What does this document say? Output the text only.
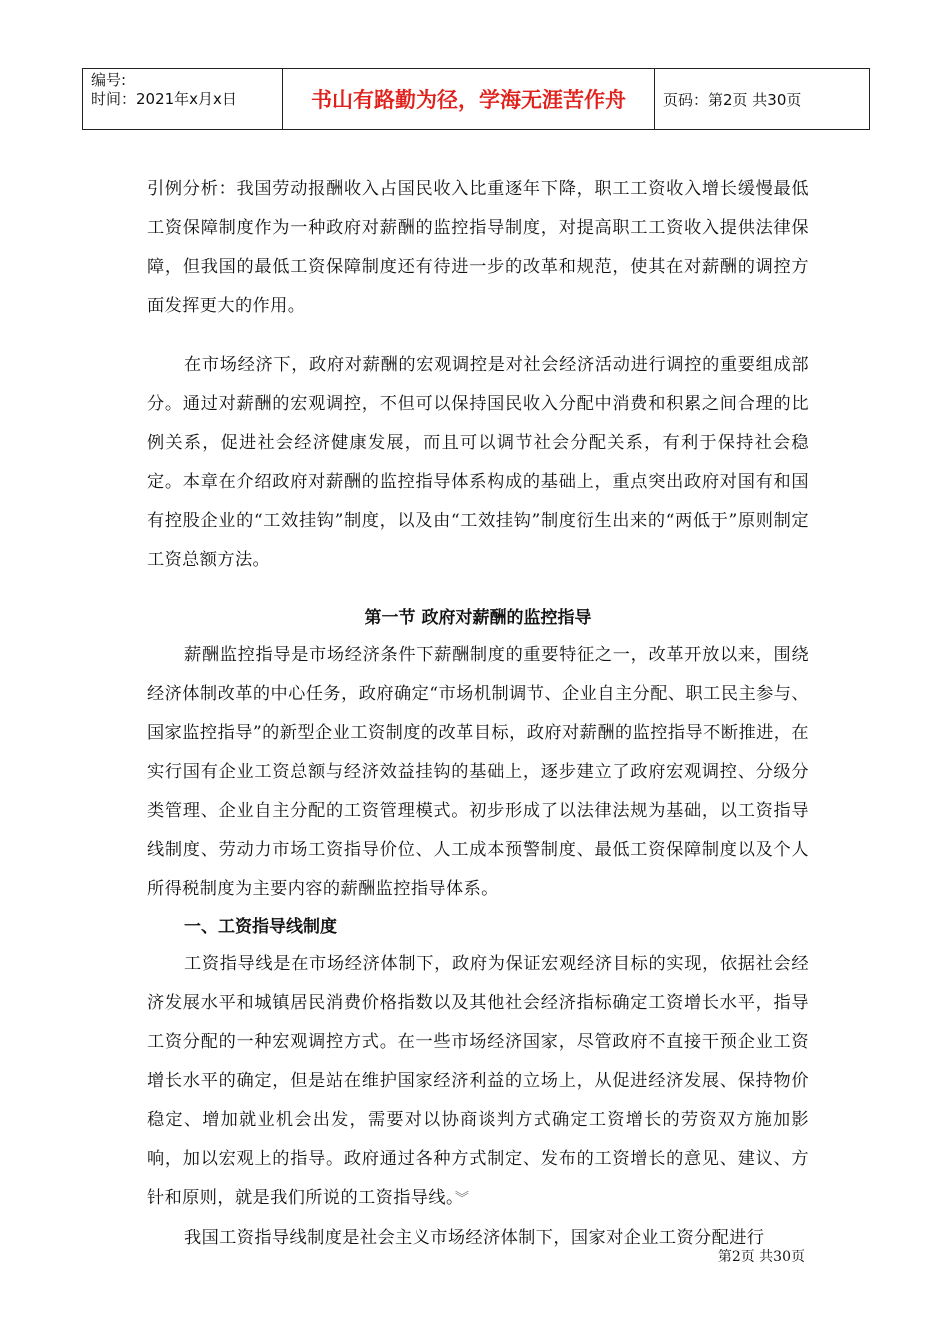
编号:
时间：2021年x月x日	书山有路勤为径，学海无涯苦作舟	页码：第2页 共30页

引例分析：我国劳动报酬收入占国民收入比重逐年下降，职工工资收入增长缓慢最低工资保障制度作为一种政府对薪酬的监控指导制度，对提高职工工资收入提供法律保障，但我国的最低工资保障制度还有待进一步的改革和规范，使其在对薪酬的调控方面发挥更大的作用。

在市场经济下，政府对薪酬的宏观调控是对社会经济活动进行调控的重要组成部分。通过对薪酬的宏观调控，不但可以保持国民收入分配中消费和积累之间合理的比例关系，促进社会经济健康发展，而且可以调节社会分配关系，有利于保持社会稳定。本章在介绍政府对薪酬的监控指导体系构成的基础上，重点突出政府对国有和国有控股企业的“工效挂钩”制度，以及由“工效挂钩”制度衍生出来的“两低于”原则制定工资总额方法。

第一节 政府对薪酬的监控指导

薪酬监控指导是市场经济条件下薪酬制度的重要特征之一，改革开放以来，围绕经济体制改革的中心任务，政府确定“市场机制调节、企业自主分配、职工民主参与、国家监控指导”的新型企业工资制度的改革目标，政府对薪酬的监控指导不断推进，在实行国有企业工资总额与经济效益挂钩的基础上，逐步建立了政府宏观调控、分级分类管理、企业自主分配的工资管理模式。初步形成了以法律法规为基础，以工资指导线制度、劳动力市场工资指导价位、人工成本预警制度、最低工资保障制度以及个人所得税制度为主要内容的薪酬监控指导体系。

一、工资指导线制度

工资指导线是在市场经济体制下，政府为保证宏观经济目标的实现，依据社会经济发展水平和城镇居民消费价格指数以及其他社会经济指标确定工资增长水平，指导工资分配的一种宏观调控方式。在一些市场经济国家，尽管政府不直接干预企业工资增长水平的确定，但是站在维护国家经济利益的立场上，从促进经济发展、保持物价稳定、增加就业机会出发，需要对以协商谈判方式确定工资增长的劳资双方施加影响，加以宏观上的指导。政府通过各种方式制定、发布的工资增长的意见、建议、方针和原则，就是我们所说的工资指导线。︾

我国工资指导线制度是社会主义市场经济体制下，国家对企业工资分配进行

第2页 共30页
